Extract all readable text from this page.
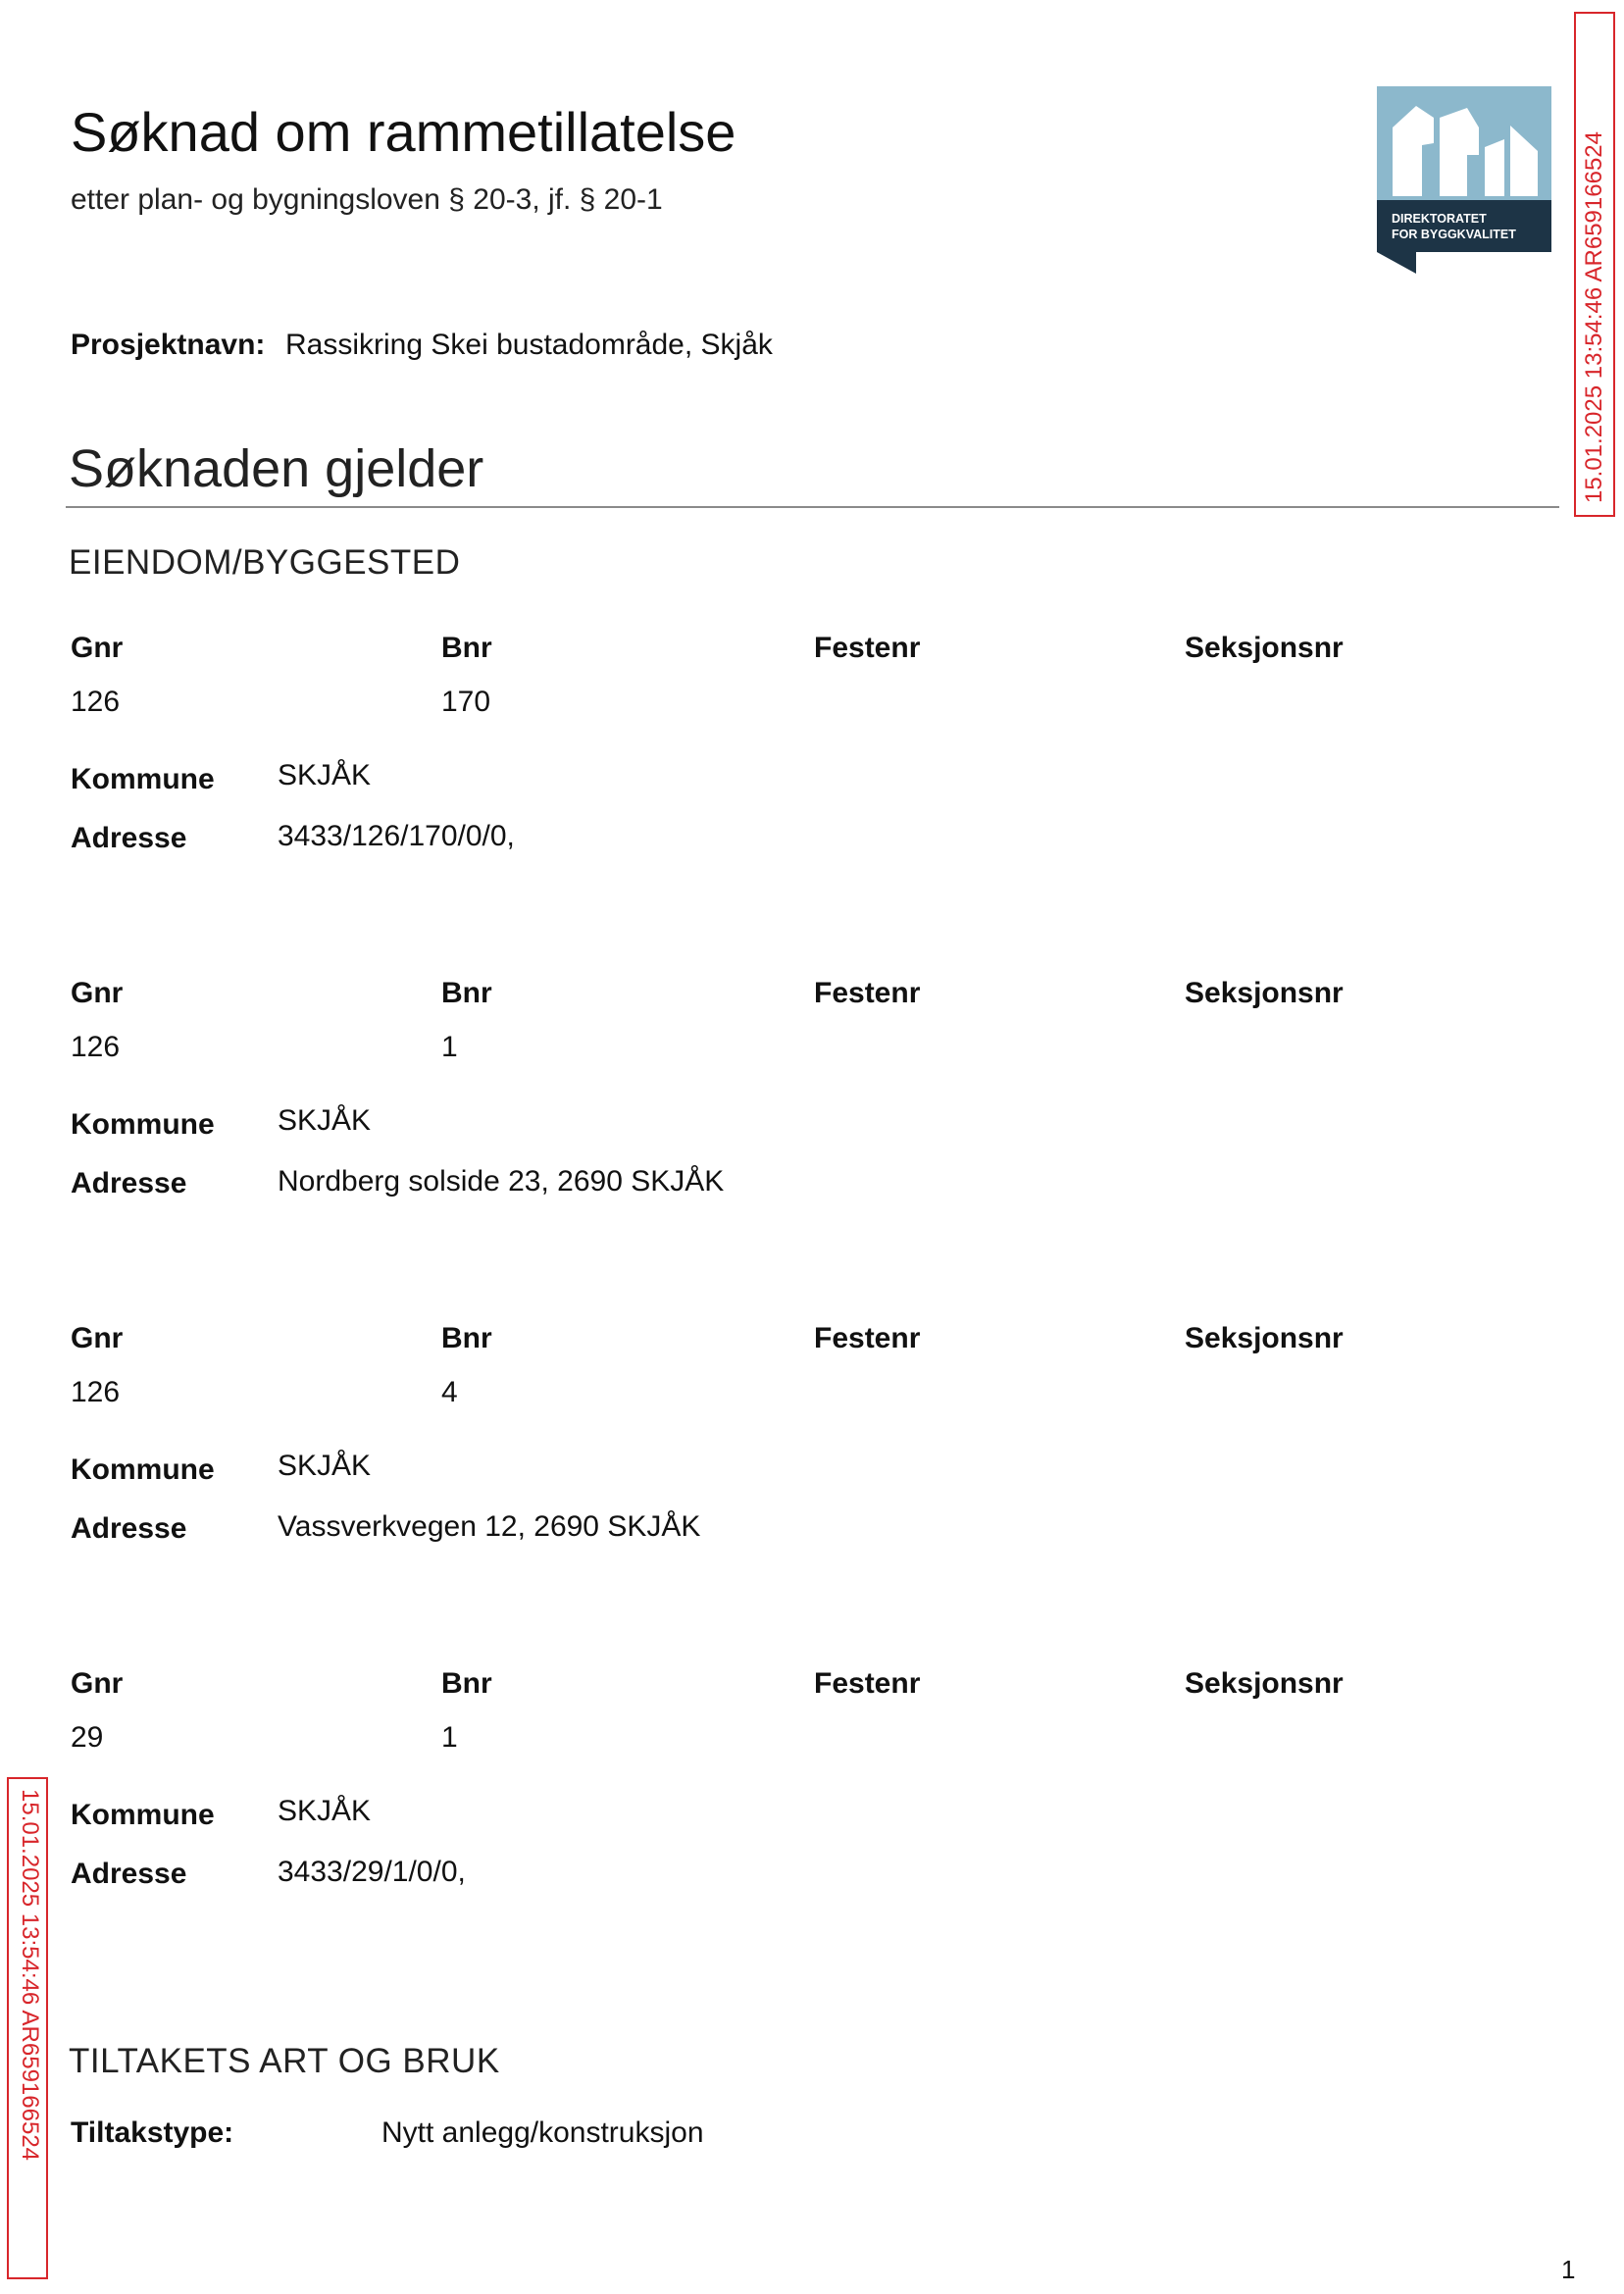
Søknad om rammetillatelse
etter plan- og bygningsloven § 20-3, jf. § 20-1
Prosjektnavn: Rassikring Skei bustadområde, Skjåk
DIREKTORATET
FOR BYGGKVALITET
Søknaden gjelder
EIENDOM/BYGGESTED
Gnr	Bnr	Festenr	Seksjonsnr
126	170
Kommune SKJÅK
Adresse	3433/126/170/0/0,
Gnr	Bnr	Festenr	Seksjonsnr
126	1
Kommune SKJÅK
Adresse	Nordberg solside 23, 2690 SKJÅK
Gnr	Bnr	Festenr	Seksjonsnr
126	4
Kommune SKJÅK
Adresse	Vassverkvegen 12, 2690 SKJÅK
Gnr	Bnr	Festenr	Seksjonsnr
29	1
Kommune SKJÅK
Adresse	3433/29/1/0/0,
TILTAKETS ART OG BRUK
Tiltakstype:	Nytt anlegg/konstruksjon
1
15.01.2025 13:54:46 AR659166524
15.01.2025 13:54:46 AR659166524
